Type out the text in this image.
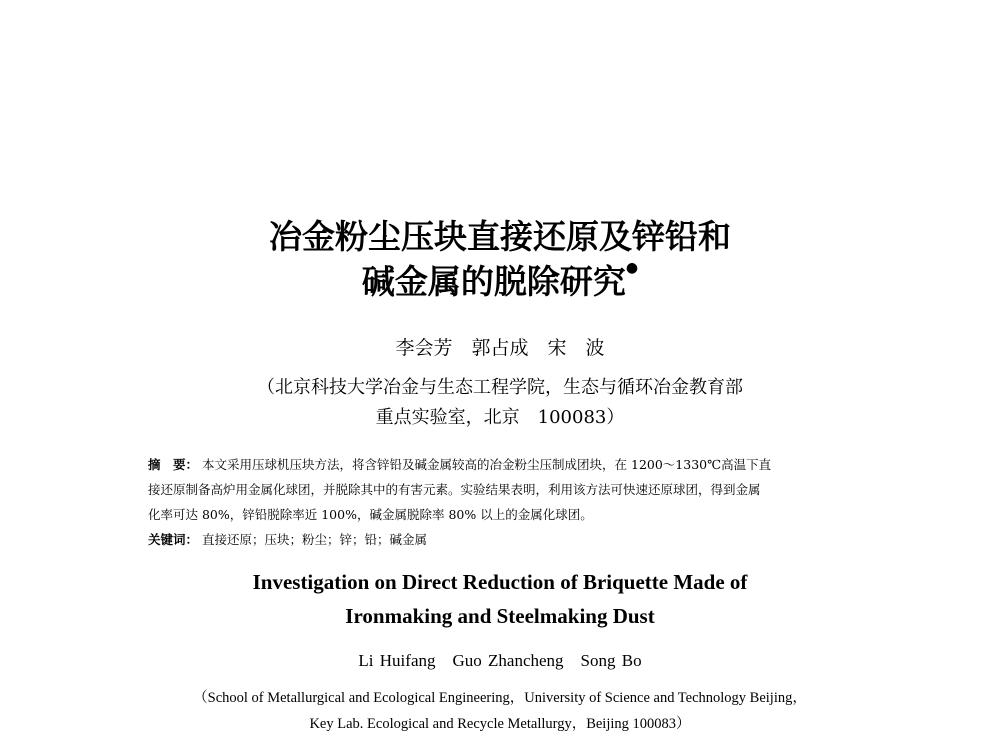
冶金粉尘压块直接还原及锌铅和
碱金属的脱除研究●
李会芳　郭占成　宋　波
（北京科技大学冶金与生态工程学院，生态与循环冶金教育部
重点实验室，北京　100083）
摘　要： 本文采用压球机压块方法，将含锌铅及碱金属较高的冶金粉尘压制成团块，在 1200～1330℃高温下直
接还原制备高炉用金属化球团，并脱除其中的有害元素。实验结果表明，利用该方法可快速还原球团，得到金属
化率可达 80%，锌铅脱除率近 100%，碱金属脱除率 80% 以上的金属化球团。
关键词： 直接还原；压块；粉尘；锌；铅；碱金属
Investigation on Direct Reduction of Briquette Made of
Ironmaking and Steelmaking Dust
Li Huifang　Guo Zhancheng　Song Bo
（School of Metallurgical and Ecological Engineering，University of Science and Technology Beijing，
Key Lab. Ecological and Recycle Metallurgy，Beijing 100083）
